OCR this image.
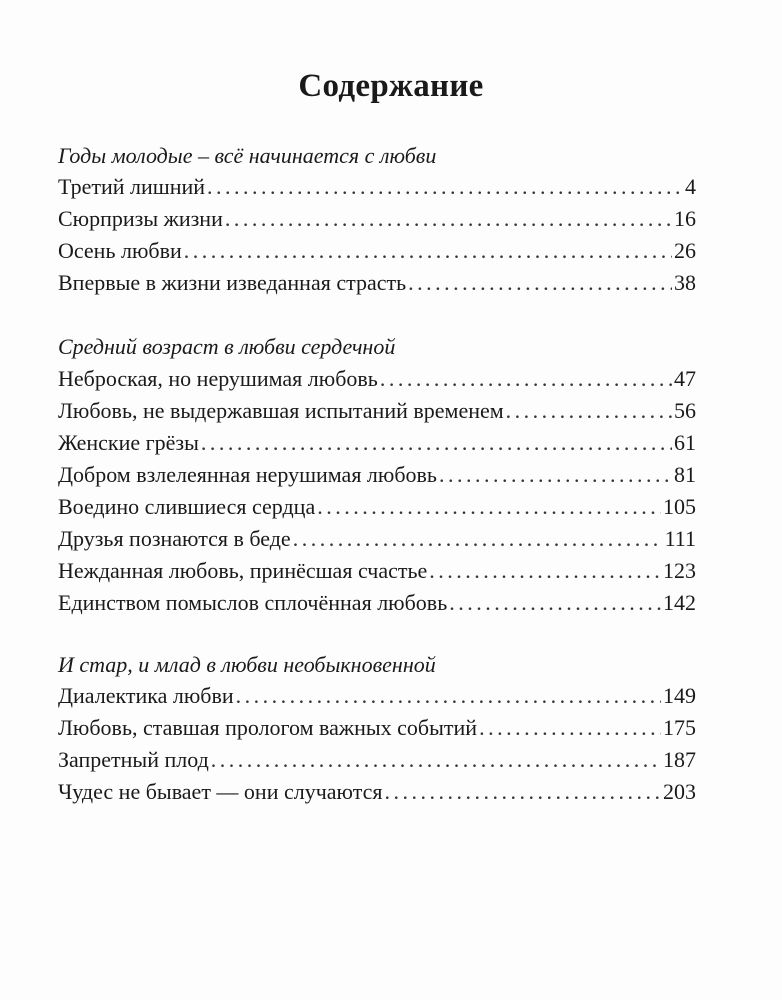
Содержание
Годы молодые – всё начинается с любви
Третий лишний . . .	4
Сюрпризы жизни . . .	16
Осень любви . . .	26
Впервые в жизни изведанная страсть . . .	38
Средний возраст в любви сердечной
Неброская, но нерушимая любовь . . .	47
Любовь, не выдержавшая испытаний временем . . .	56
Женские грёзы . . .	61
Добром взлелеянная нерушимая любовь . . .	81
Воедино слившиеся сердца . . .	105
Друзья познаются в беде . . .	111
Нежданная любовь, принёсшая счастье . . .	123
Единством помыслов сплочённая любовь . . .	142
И стар, и млад в любви необыкновенной
Диалектика любви . . .	149
Любовь, ставшая прологом важных событий . . .	175
Запретный плод . . .	187
Чудес не бывает — они случаются . . .	203
